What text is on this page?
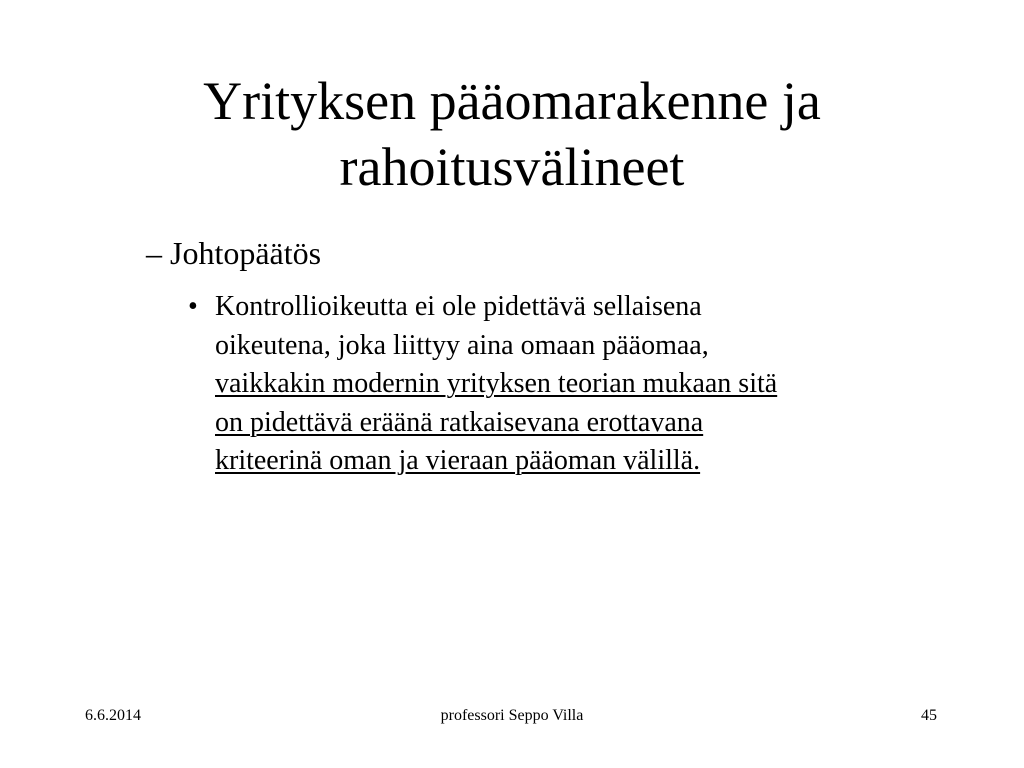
Yrityksen pääomarakenne ja
rahoitusvälineet
– Johtopäätös
• Kontrollioikeutta ei ole pidettävä sellaisena
oikeutena, joka liittyy aina omaan pääomaa,
vaikkakin modernin yrityksen teorian mukaan sitä
on pidettävä eräänä ratkaisevana erottavana
kriteerinä oman ja vieraan pääoman välillä.
6.6.2014	professori Seppo Villa	45
